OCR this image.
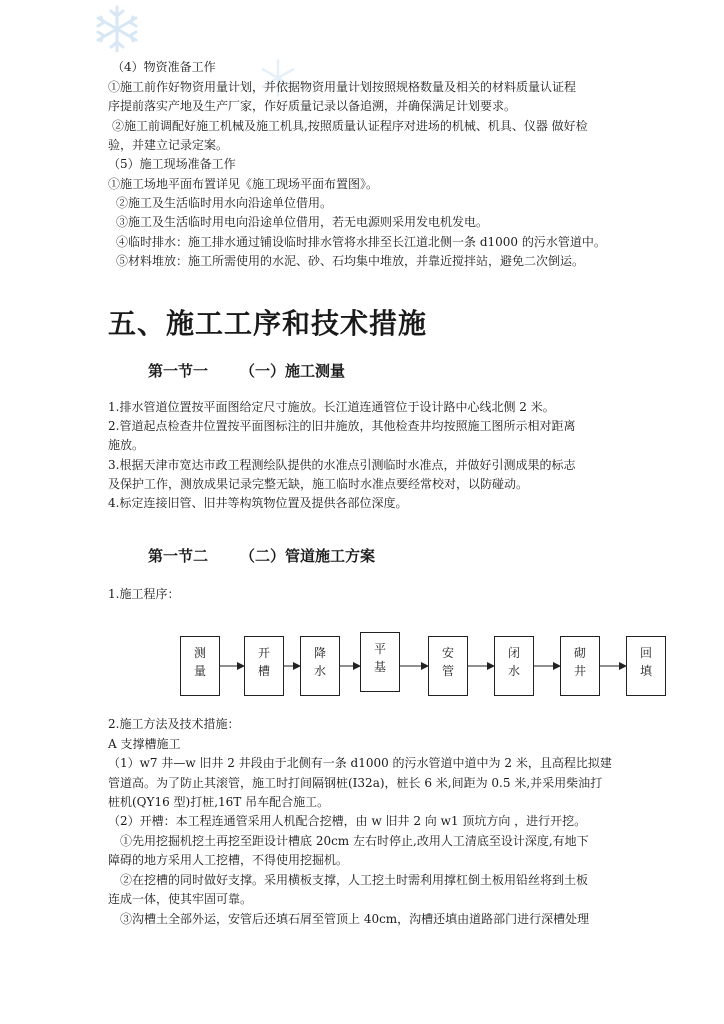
（4）物资准备工作
①施工前作好物资用量计划，并依据物资用量计划按照规格数量及相关的材料质量认证程
序提前落实产地及生产厂家，作好质量记录以备追溯，并确保满足计划要求。
②施工前调配好施工机械及施工机具,按照质量认证程序对进场的机械、机具、仪器 做好检
验，并建立记录定案。
（5）施工现场准备工作
①施工场地平面布置详见《施工现场平面布置图》。
②施工及生活临时用水向沿途单位借用。
③施工及生活临时用电向沿途单位借用，若无电源则采用发电机发电。
④临时排水：施工排水通过铺设临时排水管将水排至长江道北侧一条 d1000 的污水管道中。
⑤材料堆放：施工所需使用的水泥、砂、石均集中堆放，并靠近搅拌站，避免二次倒运。
五、施工工序和技术措施
第一节一 （一）施工测量
1.排水管道位置按平面图给定尺寸施放。长江道连通管位于设计路中心线北侧 2 米。
2.管道起点检查井位置按平面图标注的旧井施放，其他检查井均按照施工图所示相对距离
施放。
3.根据天津市宽达市政工程测绘队提供的水准点引测临时水准点，并做好引测成果的标志
及保护工作，测放成果记录完整无缺，施工临时水准点要经常校对，以防碰动。
4.标定连接旧管、旧井等构筑物位置及提供各部位深度。
第一节二 （二）管道施工方案
1.施工程序：
测
量
开
槽
降
水
平
基
安
管
闭
水
砌
井
回
填
2.施工方法及技术措施：
A 支撑槽施工
（1）w7 井—w 旧井 2 井段由于北侧有一条 d1000 的污水管道中道中为 2 米，且高程比拟建
管道高。为了防止其滚管，施工时打间隔钢桩(I32a)，桩长 6 米,间距为 0.5 米,并采用柴油打
桩机(QY16 型)打桩,16T 吊车配合施工。
（2）开槽：本工程连通管采用人机配合挖槽，由 w 旧井 2 向 w1 顶坑方向 ，进行开挖。
①先用挖掘机挖土再挖至距设计槽底 20cm 左右时停止,改用人工清底至设计深度,有地下
障碍的地方采用人工挖槽，不得使用挖掘机。
②在挖槽的同时做好支撑。采用横板支撑，人工挖土时需利用撑杠倒土板用铅丝将到土板
连成一体，使其牢固可靠。
③沟槽土全部外运，安管后还填石屑至管顶上 40cm，沟槽还填由道路部门进行深槽处理
